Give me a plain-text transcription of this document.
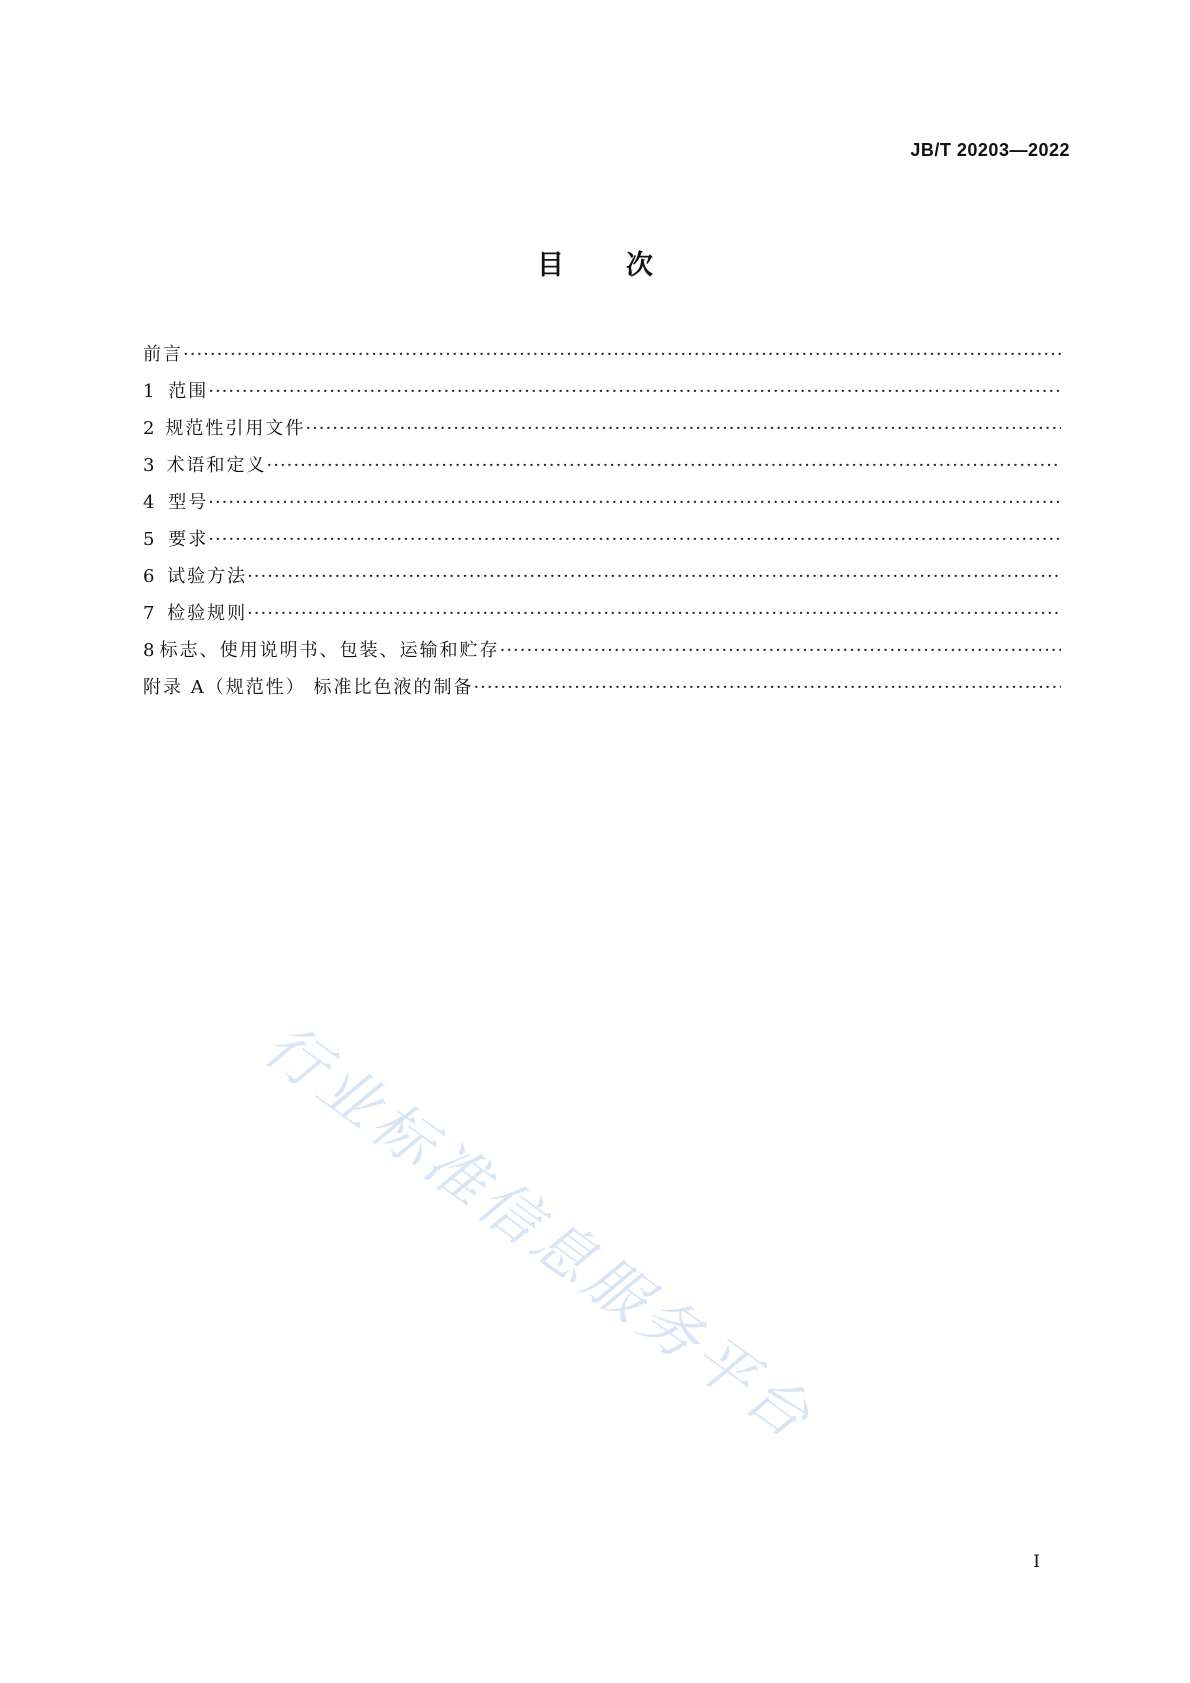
JB/T 20203—2022
目 次
前言
·····
1 范围
·····
2 规范性引用文件
·····
3 术语和定义
·····
4 型号
·····
5 要求
·····
6 试验方法
·····
7 检验规则
·····
8 标志、使用说明书、包装、运输和贮存
·····
附录 A（规范性） 标准比色液的制备
·····
行业标准信息服务平台
I
